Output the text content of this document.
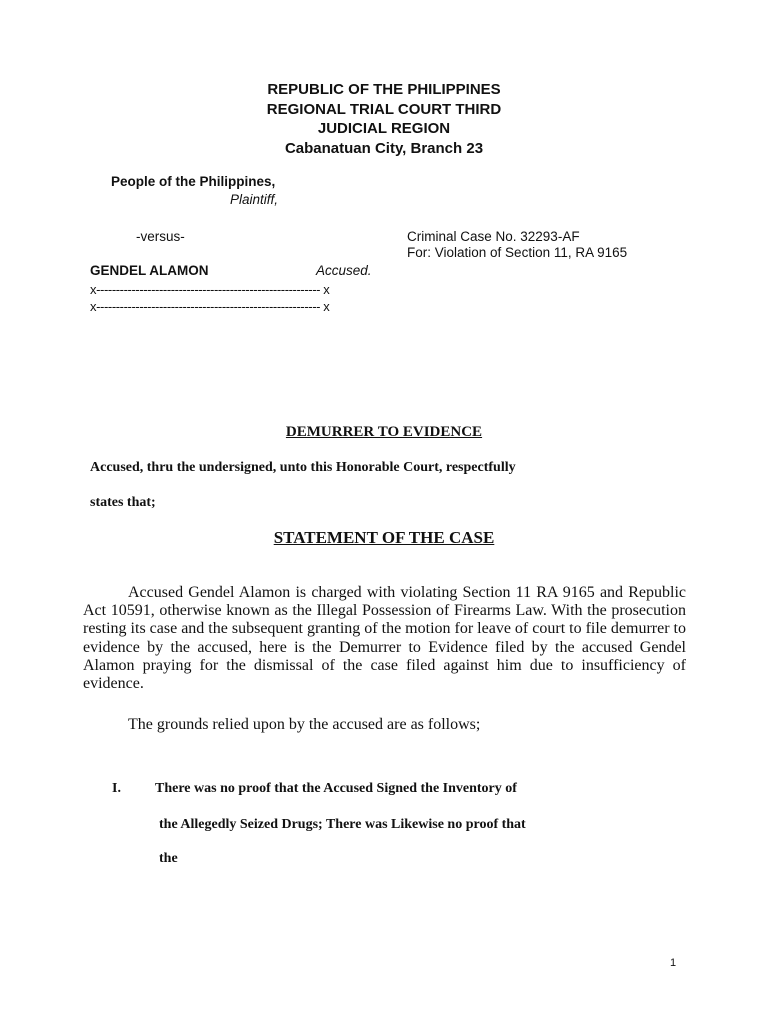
REPUBLIC OF THE PHILIPPINES
REGIONAL TRIAL COURT THIRD
JUDICIAL REGION
Cabanatuan City, Branch 23
People of the Philippines,
Plaintiff,
-versus-	Criminal Case No. 32293-AF
For: Violation of Section 11, RA 9165
GENDEL ALAMON	Accused.
x--------------------------------------------------------- x
x--------------------------------------------------------- x
DEMURRER TO EVIDENCE
Accused, thru the undersigned, unto this Honorable Court, respectfully
states that;
STATEMENT OF THE CASE
Accused Gendel Alamon is charged with violating Section 11 RA 9165 and Republic Act 10591, otherwise known as the Illegal Possession of Firearms Law. With the prosecution resting its case and the subsequent granting of the motion for leave of court to file demurrer to evidence by the accused, here is the Demurrer to Evidence filed by the accused Gendel Alamon praying for the dismissal of the case filed against him due to insufficiency of evidence.
The grounds relied upon by the accused are as follows;
I. There was no proof that the Accused Signed the Inventory of
the Allegedly Seized Drugs; There was Likewise no proof that
the
1
